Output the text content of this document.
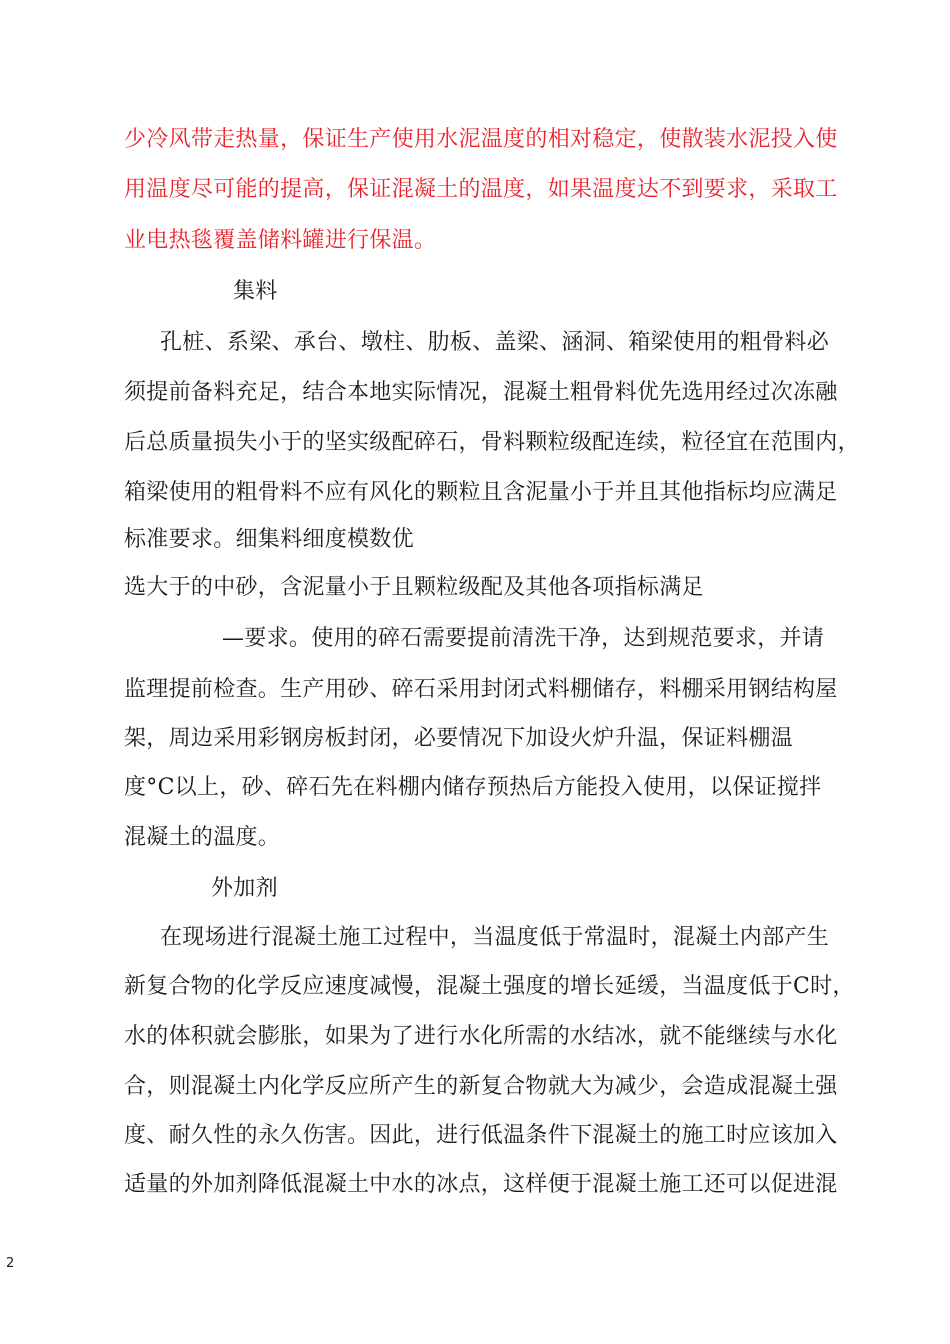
少冷风带走热量，保证生产使用水泥温度的相对稳定，使散装水泥投入使
用温度尽可能的提高，保证混凝土的温度，如果温度达不到要求，采取工
业电热毯覆盖储料罐进行保温。
集料
孔桩、系梁、承台、墩柱、肋板、盖梁、涵洞、箱梁使用的粗骨料必
须提前备料充足，结合本地实际情况，混凝土粗骨料优先选用经过次冻融
后总质量损失小于的坚实级配碎石，骨料颗粒级配连续，粒径宜在范围内，
箱梁使用的粗骨料不应有风化的颗粒且含泥量小于并且其他指标均应满足
标准要求。细集料细度模数优
选大于的中砂，含泥量小于且颗粒级配及其他各项指标满足
—要求。使用的碎石需要提前清洗干净，达到规范要求，并请
监理提前检查。生产用砂、碎石采用封闭式料棚储存，料棚采用钢结构屋
架，周边采用彩钢房板封闭，必要情况下加设火炉升温，保证料棚温
度°C以上，砂、碎石先在料棚内储存预热后方能投入使用，以保证搅拌
混凝土的温度。
外加剂
在现场进行混凝土施工过程中，当温度低于常温时，混凝土内部产生
新复合物的化学反应速度减慢，混凝土强度的增长延缓，当温度低于C时，
水的体积就会膨胀，如果为了进行水化所需的水结冰，就不能继续与水化
合，则混凝土内化学反应所产生的新复合物就大为减少，会造成混凝土强
度、耐久性的永久伤害。因此，进行低温条件下混凝土的施工时应该加入
适量的外加剂降低混凝土中水的冰点，这样便于混凝土施工还可以促进混
2
